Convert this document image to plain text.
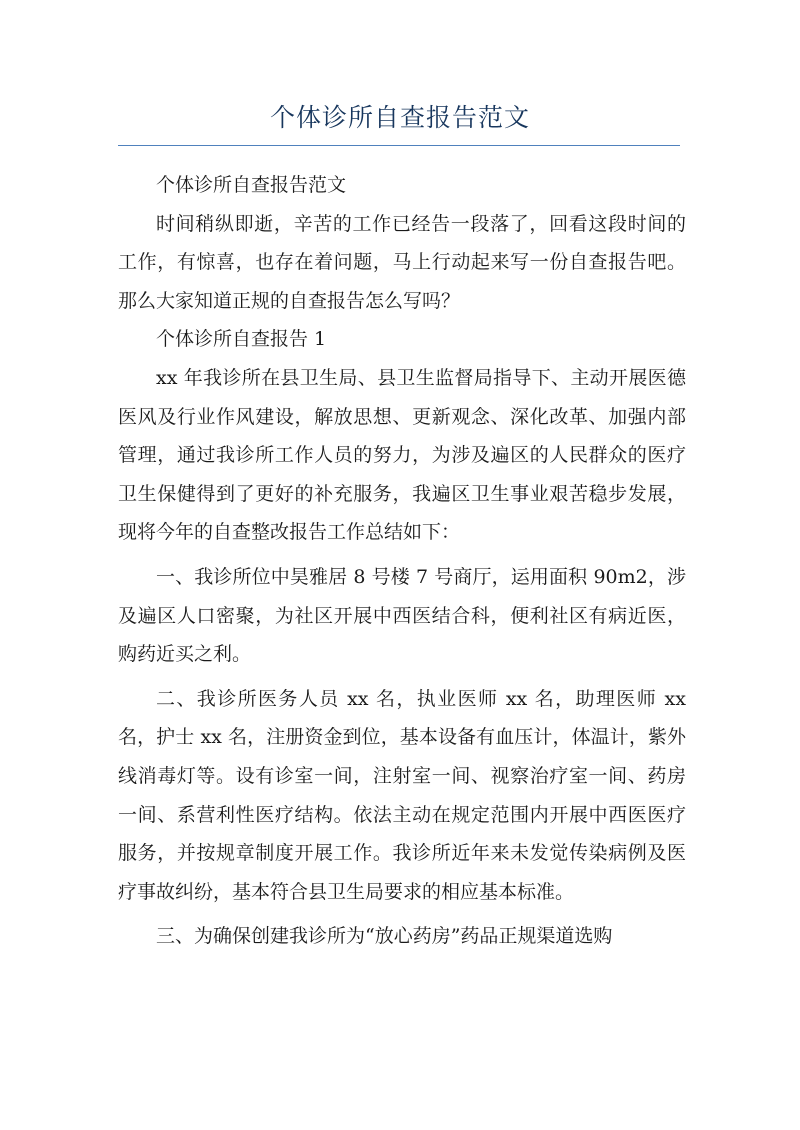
个体诊所自查报告范文

个体诊所自查报告范文

时间稍纵即逝，辛苦的工作已经告一段落了，回看这段时间的工作，有惊喜，也存在着问题，马上行动起来写一份自查报告吧。那么大家知道正规的自查报告怎么写吗？

个体诊所自查报告 1

xx 年我诊所在县卫生局、县卫生监督局指导下、主动开展医德医风及行业作风建设，解放思想、更新观念、深化改革、加强内部管理，通过我诊所工作人员的努力，为涉及遍区的人民群众的医疗卫生保健得到了更好的补充服务，我遍区卫生事业艰苦稳步发展，现将今年的自查整改报告工作总结如下：

一、我诊所位中昊雅居 8 号楼 7 号商厅，运用面积 90m2，涉及遍区人口密聚，为社区开展中西医结合科，便利社区有病近医，购药近买之利。

二、我诊所医务人员 xx 名，执业医师 xx 名，助理医师 xx 名，护士 xx 名，注册资金到位，基本设备有血压计，体温计，紫外线消毒灯等。设有诊室一间，注射室一间、视察治疗室一间、药房一间、系营利性医疗结构。依法主动在规定范围内开展中西医医疗服务，并按规章制度开展工作。我诊所近年来未发觉传染病例及医疗事故纠纷，基本符合县卫生局要求的相应基本标准。

三、为确保创建我诊所为“放心药房”药品正规渠道选购
